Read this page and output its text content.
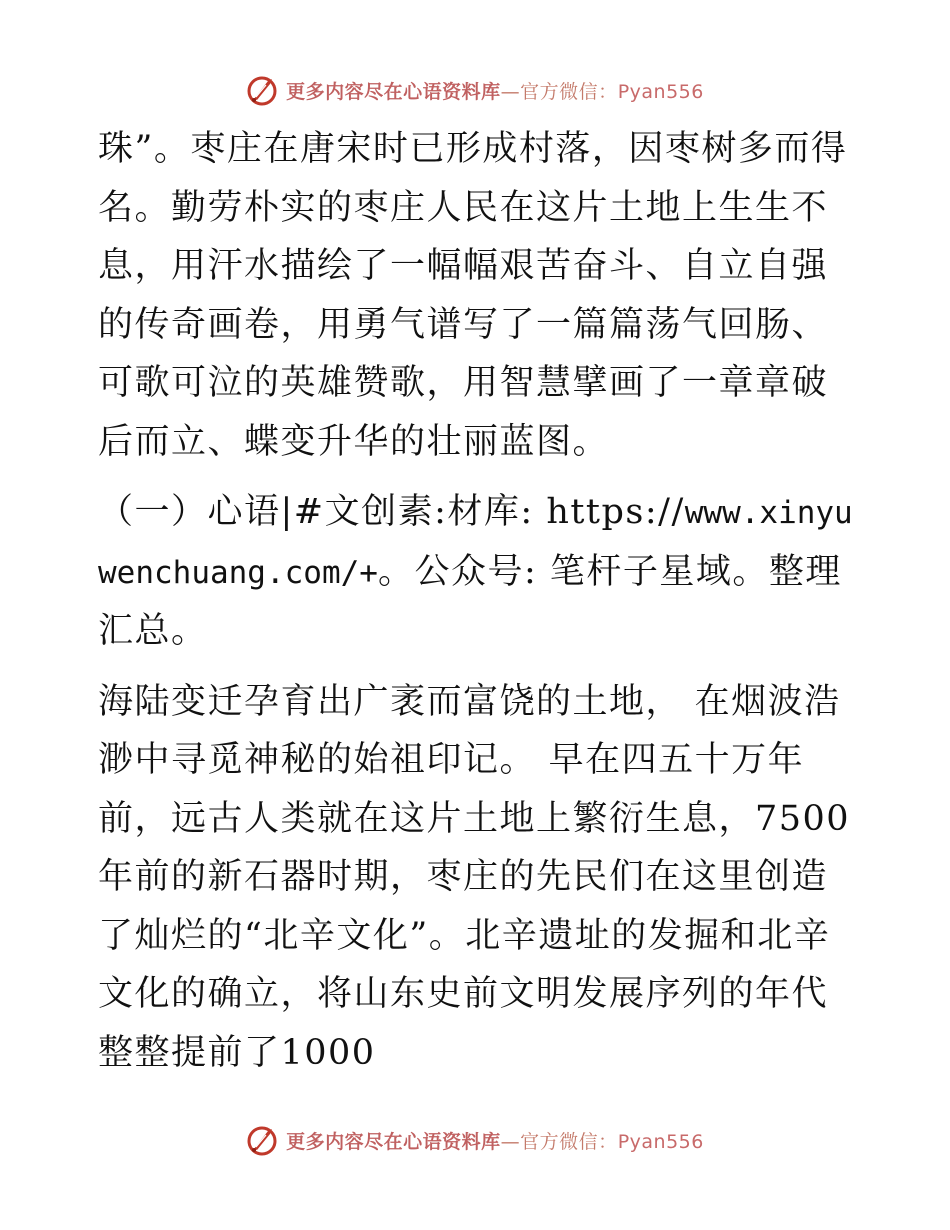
更多内容尽在心语资料库—官方微信：Pyan556

珠”。枣庄在唐宋时已形成村落，因枣树多而得名。勤劳朴实的枣庄人民在这片土地上生生不息，用汗水描绘了一幅幅艰苦奋斗、自立自强的传奇画卷，用勇气谱写了一篇篇荡气回肠、可歌可泣的英雄赞歌，用智慧擘画了一章章破后而立、蝶变升华的壮丽蓝图。

（一）心语|#文创素:材库: https://www.xinyuwenchuang.com/+。公众号: 笔杆子星域。整理汇总。

海陆变迁孕育出广袤而富饶的土地， 在烟波浩渺中寻觅神秘的始祖印记。 早在四五十万年前，远古人类就在这片土地上繁衍生息，7500 年前的新石器时期，枣庄的先民们在这里创造了灿烂的“北辛文化”。北辛遗址的发掘和北辛文化的确立，将山东史前文明发展序列的年代整整提前了1000

更多内容尽在心语资料库—官方微信：Pyan556
